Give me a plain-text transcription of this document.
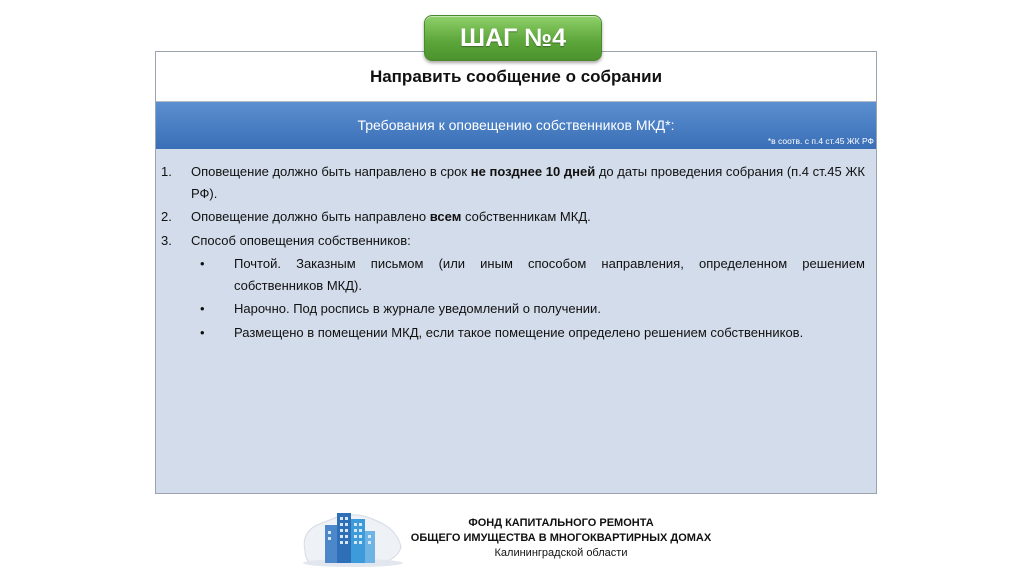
ШАГ №4
Направить сообщение о собрании
Требования к оповещению собственников МКД*:
*в соотв. с п.4 ст.45 ЖК РФ
1.	Оповещение должно быть направлено в срок не позднее 10 дней до даты проведения собрания (п.4 ст.45 ЖК РФ).
2.	Оповещение должно быть направлено всем собственникам МКД.
3.	Способ оповещения собственников:
•	Почтой. Заказным письмом (или иным способом направления, определенном решением собственников МКД).
•	Нарочно. Под роспись в журнале уведомлений о получении.
•	Размещено в помещении МКД, если такое помещение определено решением собственников.
ФОНД КАПИТАЛЬНОГО РЕМОНТА
ОБЩЕГО ИМУЩЕСТВА В МНОГОКВАРТИРНЫХ ДОМАХ
Калининградской области
